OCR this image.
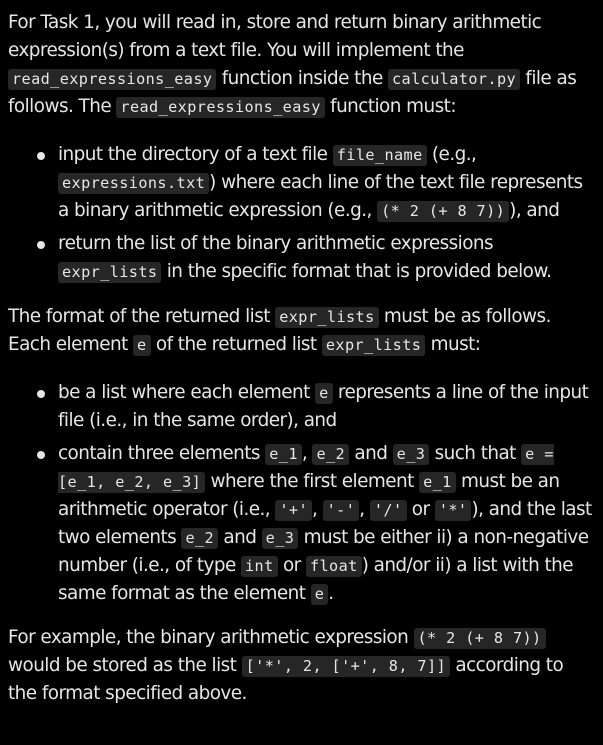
For Task 1, you will read in, store and return binary arithmetic expression(s) from a text file. You will implement the read_expressions_easy function inside the calculator.py file as follows. The read_expressions_easy function must:

input the directory of a text file file_name (e.g., expressions.txt ) where each line of the text file represents a binary arithmetic expression (e.g., (* 2 (+ 8 7)) ), and
return the list of the binary arithmetic expressions expr_lists in the specific format that is provided below.

The format of the returned list expr_lists must be as follows. Each element e of the returned list expr_lists must:

be a list where each element e represents a line of the input file (i.e., in the same order), and
contain three elements e_1 , e_2 and e_3 such that e = [e_1, e_2, e_3] where the first element e_1 must be an arithmetic operator (i.e., '+' , '-' , '/' or '*' ), and the last two elements e_2 and e_3 must be either ii) a non-negative number (i.e., of type int or float ) and/or ii) a list with the same format as the element e .

For example, the binary arithmetic expression (* 2 (+ 8 7)) would be stored as the list ['*', 2, ['+', 8, 7]] according to the format specified above.
